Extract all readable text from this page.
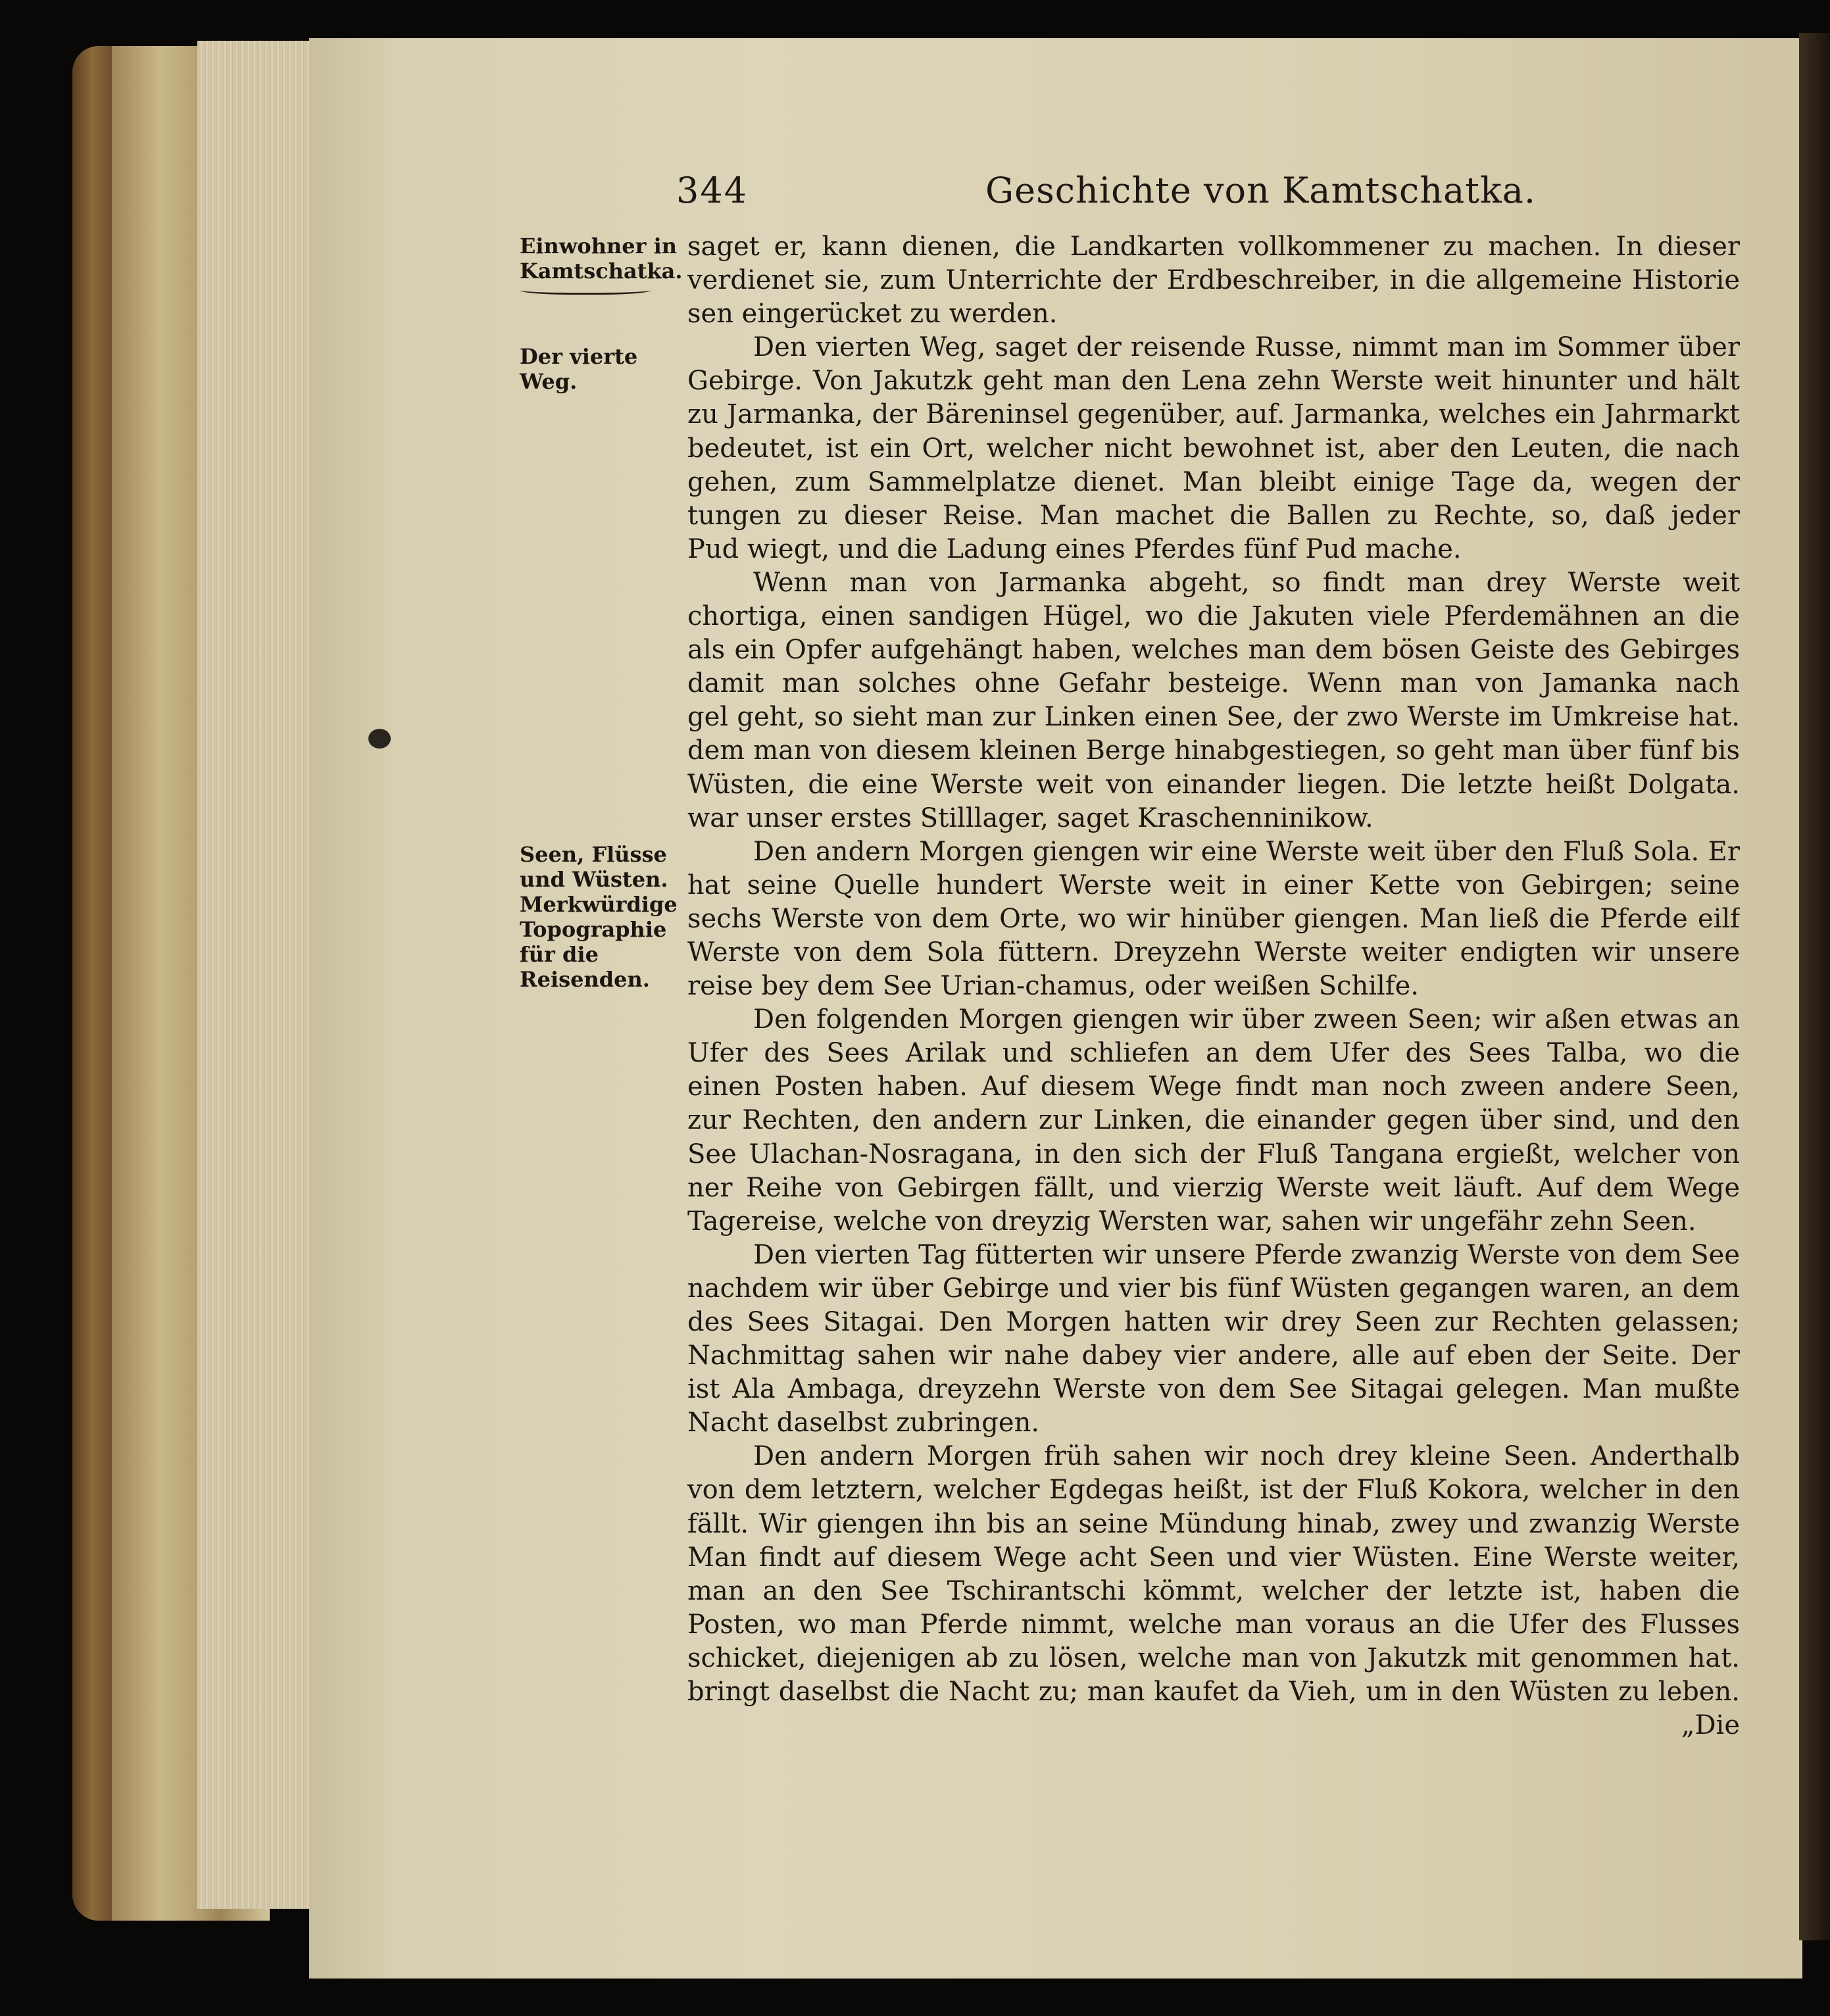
344	Geschichte von Kamtschatka.
Einwohner in Kamtschatka.
Der vierte Weg.
Seen, Flüsse und Wüsten. Merkwürdige Topographie für die Reisenden.
saget er, kann dienen, die Landkarten vollkommener zu machen. In dieser
verdienet sie, zum Unterrichte der Erdbeschreiber, in die allgemeine Historie
sen eingerücket zu werden.
Den vierten Weg, saget der reisende Russe, nimmt man im Sommer über
Gebirge. Von Jakutzk geht man den Lena zehn Werste weit hinunter und hält
zu Jarmanka, der Bäreninsel gegenüber, auf. Jarmanka, welches ein Jahrmarkt
bedeutet, ist ein Ort, welcher nicht bewohnet ist, aber den Leuten, die nach
gehen, zum Sammelplatze dienet. Man bleibt einige Tage da, wegen der
tungen zu dieser Reise. Man machet die Ballen zu Rechte, so, daß jeder
Pud wiegt, und die Ladung eines Pferdes fünf Pud mache.
Wenn man von Jarmanka abgeht, so findt man drey Werste weit
chortiga, einen sandigen Hügel, wo die Jakuten viele Pferdemähnen an die
als ein Opfer aufgehängt haben, welches man dem bösen Geiste des Gebirges
damit man solches ohne Gefahr besteige. Wenn man von Jamanka nach
gel geht, so sieht man zur Linken einen See, der zwo Werste im Umkreise hat.
dem man von diesem kleinen Berge hinabgestiegen, so geht man über fünf bis
Wüsten, die eine Werste weit von einander liegen. Die letzte heißt Dolgata.
war unser erstes Stilllager, saget Kraschenninikow.
Den andern Morgen giengen wir eine Werste weit über den Fluß Sola. Er
hat seine Quelle hundert Werste weit in einer Kette von Gebirgen; seine
sechs Werste von dem Orte, wo wir hinüber giengen. Man ließ die Pferde eilf
Werste von dem Sola füttern. Dreyzehn Werste weiter endigten wir unsere
reise bey dem See Urian-chamus, oder weißen Schilfe.
Den folgenden Morgen giengen wir über zween Seen; wir aßen etwas an
Ufer des Sees Arilak und schliefen an dem Ufer des Sees Talba, wo die
einen Posten haben. Auf diesem Wege findt man noch zween andere Seen,
zur Rechten, den andern zur Linken, die einander gegen über sind, und den
See Ulachan-Nosragana, in den sich der Fluß Tangana ergießt, welcher von
ner Reihe von Gebirgen fällt, und vierzig Werste weit läuft. Auf dem Wege
Tagereise, welche von dreyzig Wersten war, sahen wir ungefähr zehn Seen.
Den vierten Tag fütterten wir unsere Pferde zwanzig Werste von dem See
nachdem wir über Gebirge und vier bis fünf Wüsten gegangen waren, an dem
des Sees Sitagai. Den Morgen hatten wir drey Seen zur Rechten gelassen;
Nachmittag sahen wir nahe dabey vier andere, alle auf eben der Seite. Der
ist Ala Ambaga, dreyzehn Werste von dem See Sitagai gelegen. Man mußte
Nacht daselbst zubringen.
Den andern Morgen früh sahen wir noch drey kleine Seen. Anderthalb
von dem letztern, welcher Egdegas heißt, ist der Fluß Kokora, welcher in den
fällt. Wir giengen ihn bis an seine Mündung hinab, zwey und zwanzig Werste
Man findt auf diesem Wege acht Seen und vier Wüsten. Eine Werste weiter,
man an den See Tschirantschi kömmt, welcher der letzte ist, haben die
Posten, wo man Pferde nimmt, welche man voraus an die Ufer des Flusses
schicket, diejenigen ab zu lösen, welche man von Jakutzk mit genommen hat.
bringt daselbst die Nacht zu; man kaufet da Vieh, um in den Wüsten zu leben.
„Die
